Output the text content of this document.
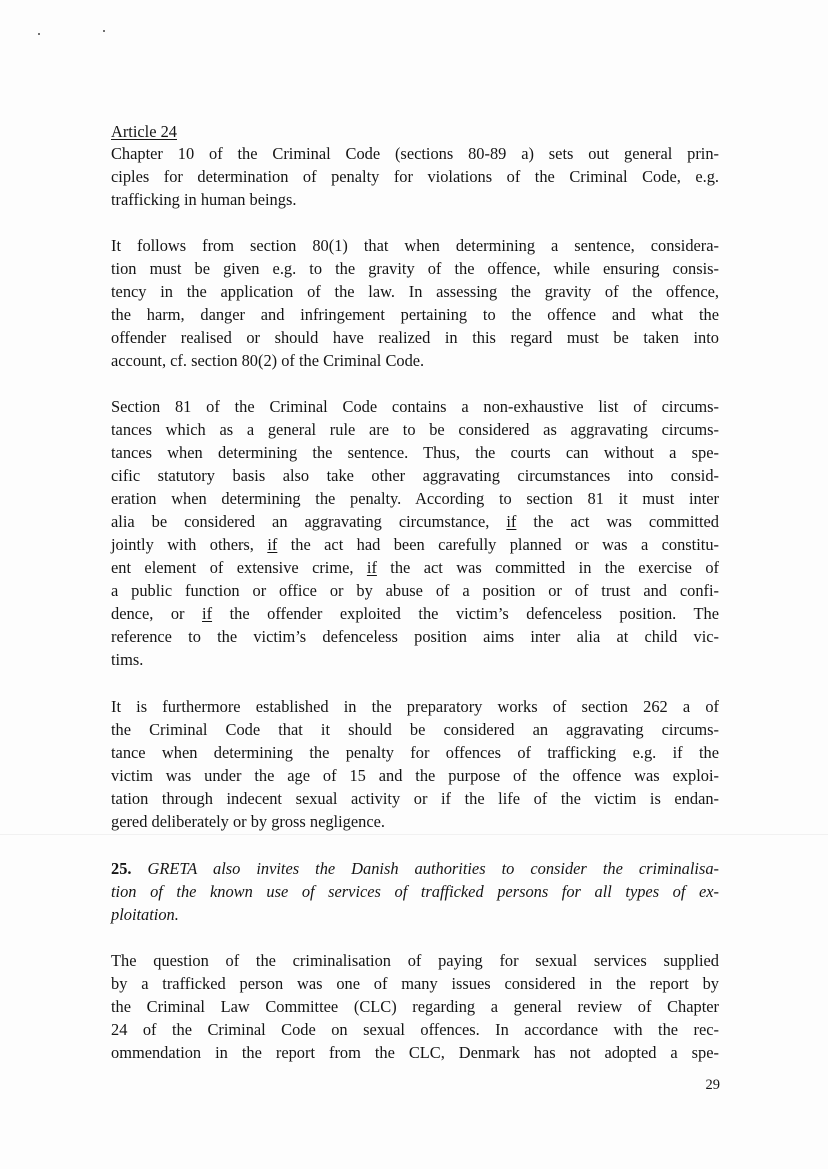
Article 24
Chapter 10 of the Criminal Code (sections 80-89 a) sets out general prin-
ciples for determination of penalty for violations of the Criminal Code, e.g.
trafficking in human beings.
It follows from section 80(1) that when determining a sentence, considera-
tion must be given e.g. to the gravity of the offence, while ensuring consis-
tency in the application of the law. In assessing the gravity of the offence,
the harm, danger and infringement pertaining to the offence and what the
offender realised or should have realized in this regard must be taken into
account, cf. section 80(2) of the Criminal Code.
Section 81 of the Criminal Code contains a non-exhaustive list of circums-
tances which as a general rule are to be considered as aggravating circums-
tances when determining the sentence. Thus, the courts can without a spe-
cific statutory basis also take other aggravating circumstances into consid-
eration when determining the penalty. According to section 81 it must inter
alia be considered an aggravating circumstance, if the act was committed
jointly with others, if the act had been carefully planned or was a constitu-
ent element of extensive crime, if the act was committed in the exercise of
a public function or office or by abuse of a position or of trust and confi-
dence, or if the offender exploited the victim’s defenceless position. The
reference to the victim’s defenceless position aims inter alia at child vic-
tims.
It is furthermore established in the preparatory works of section 262 a of
the Criminal Code that it should be considered an aggravating circums-
tance when determining the penalty for offences of trafficking e.g. if the
victim was under the age of 15 and the purpose of the offence was exploi-
tation through indecent sexual activity or if the life of the victim is endan-
gered deliberately or by gross negligence.
25. GRETA also invites the Danish authorities to consider the criminalisa-
tion of the known use of services of trafficked persons for all types of ex-
ploitation.
The question of the criminalisation of paying for sexual services supplied
by a trafficked person was one of many issues considered in the report by
the Criminal Law Committee (CLC) regarding a general review of Chapter
24 of the Criminal Code on sexual offences. In accordance with the rec-
ommendation in the report from the CLC, Denmark has not adopted a spe-
29
